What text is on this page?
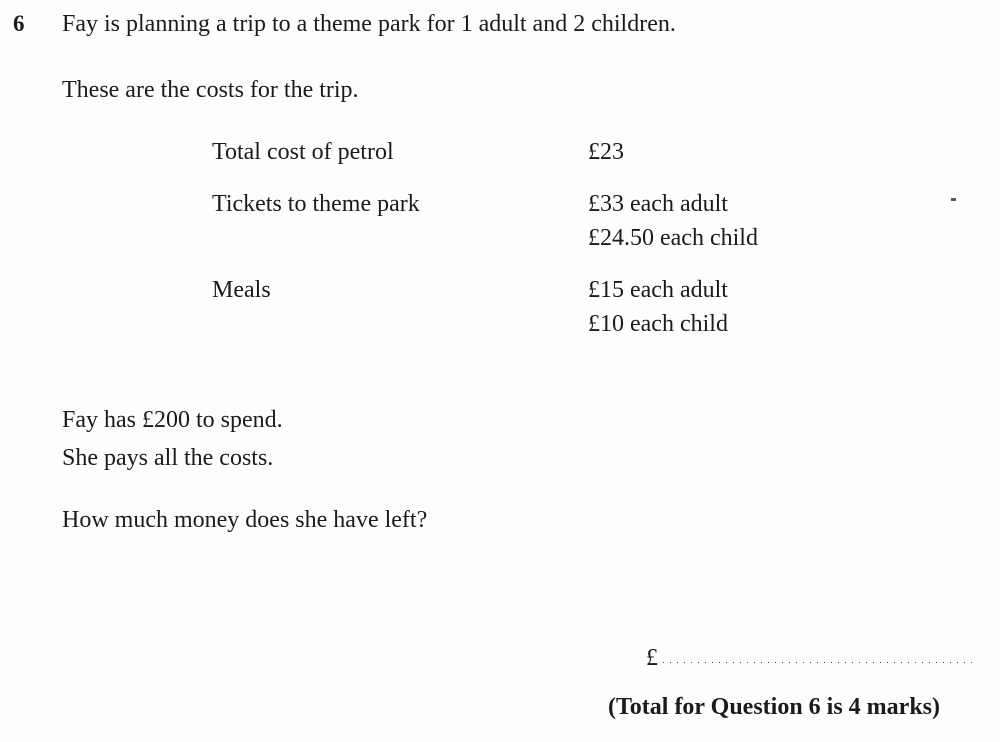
6 Fay is planning a trip to a theme park for 1 adult and 2 children.
These are the costs for the trip.
Total cost of petrol	£23
Tickets to theme park	£33 each adult
£24.50 each child
Meals	£15 each adult
£10 each child
Fay has £200 to spend.
She pays all the costs.
How much money does she have left?
£
(Total for Question 6 is 4 marks)
